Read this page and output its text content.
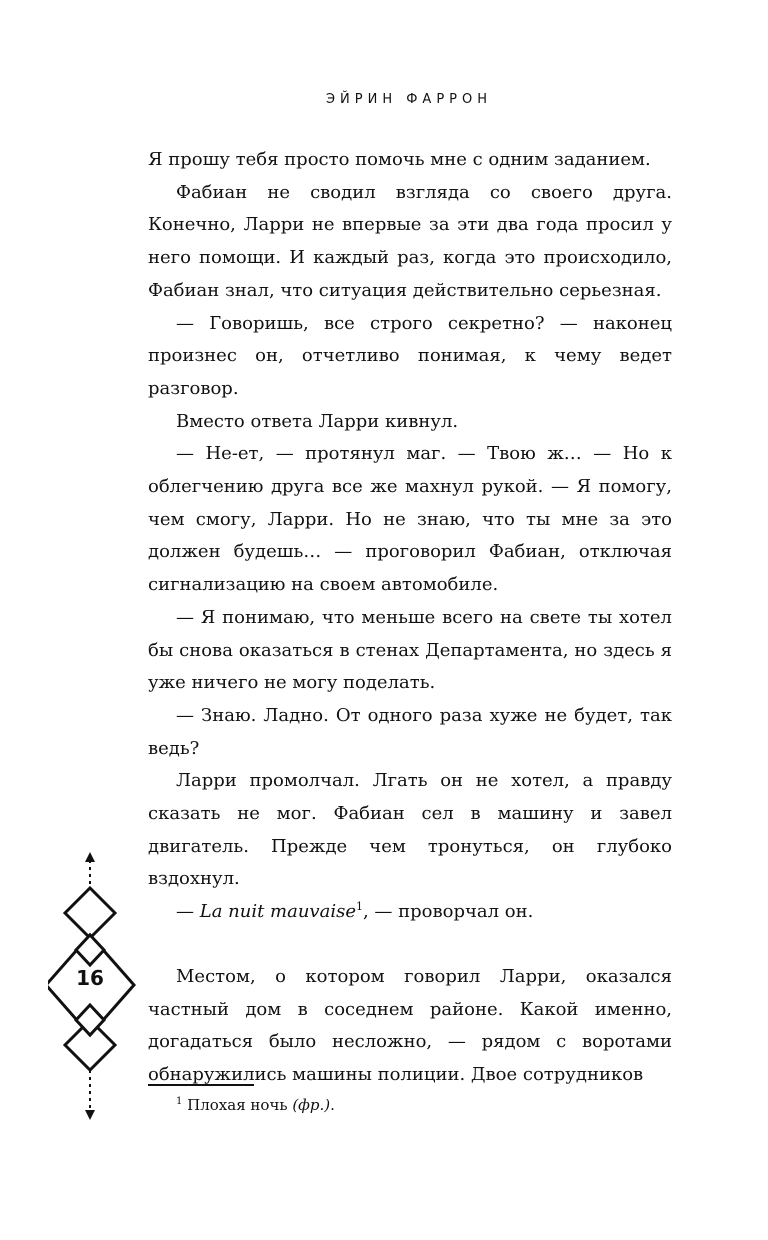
ЭЙРИН ФАРРОН

Я прошу тебя просто помочь мне с одним заданием.

Фабиан не сводил взгляда со своего друга. Конечно, Ларри не впервые за эти два года просил у него помощи. И каждый раз, когда это происходило, Фабиан знал, что ситуация действительно серьезная.

— Говоришь, все строго секретно? — наконец произнес он, отчетливо понимая, к чему ведет разговор.

Вместо ответа Ларри кивнул.

— Не-ет, — протянул маг. — Твою ж… — Но к облегчению друга все же махнул рукой. — Я помогу, чем смогу, Ларри. Но не знаю, что ты мне за это должен будешь… — проговорил Фабиан, отключая сигнализацию на своем автомобиле.

— Я понимаю, что меньше всего на свете ты хотел бы снова оказаться в стенах Департамента, но здесь я уже ничего не могу поделать.

— Знаю. Ладно. От одного раза хуже не будет, так ведь?

Ларри промолчал. Лгать он не хотел, а правду сказать не мог. Фабиан сел в машину и завел двигатель. Прежде чем тронуться, он глубоко вздохнул.

— La nuit mauvaise$^1$, — проворчал он.

Местом, о котором говорил Ларри, оказался частный дом в соседнем районе. Какой именно, догадаться было несложно, — рядом с воротами обнаружились машины полиции. Двое сотрудников

$^1$ Плохая ночь (фр.).
16
